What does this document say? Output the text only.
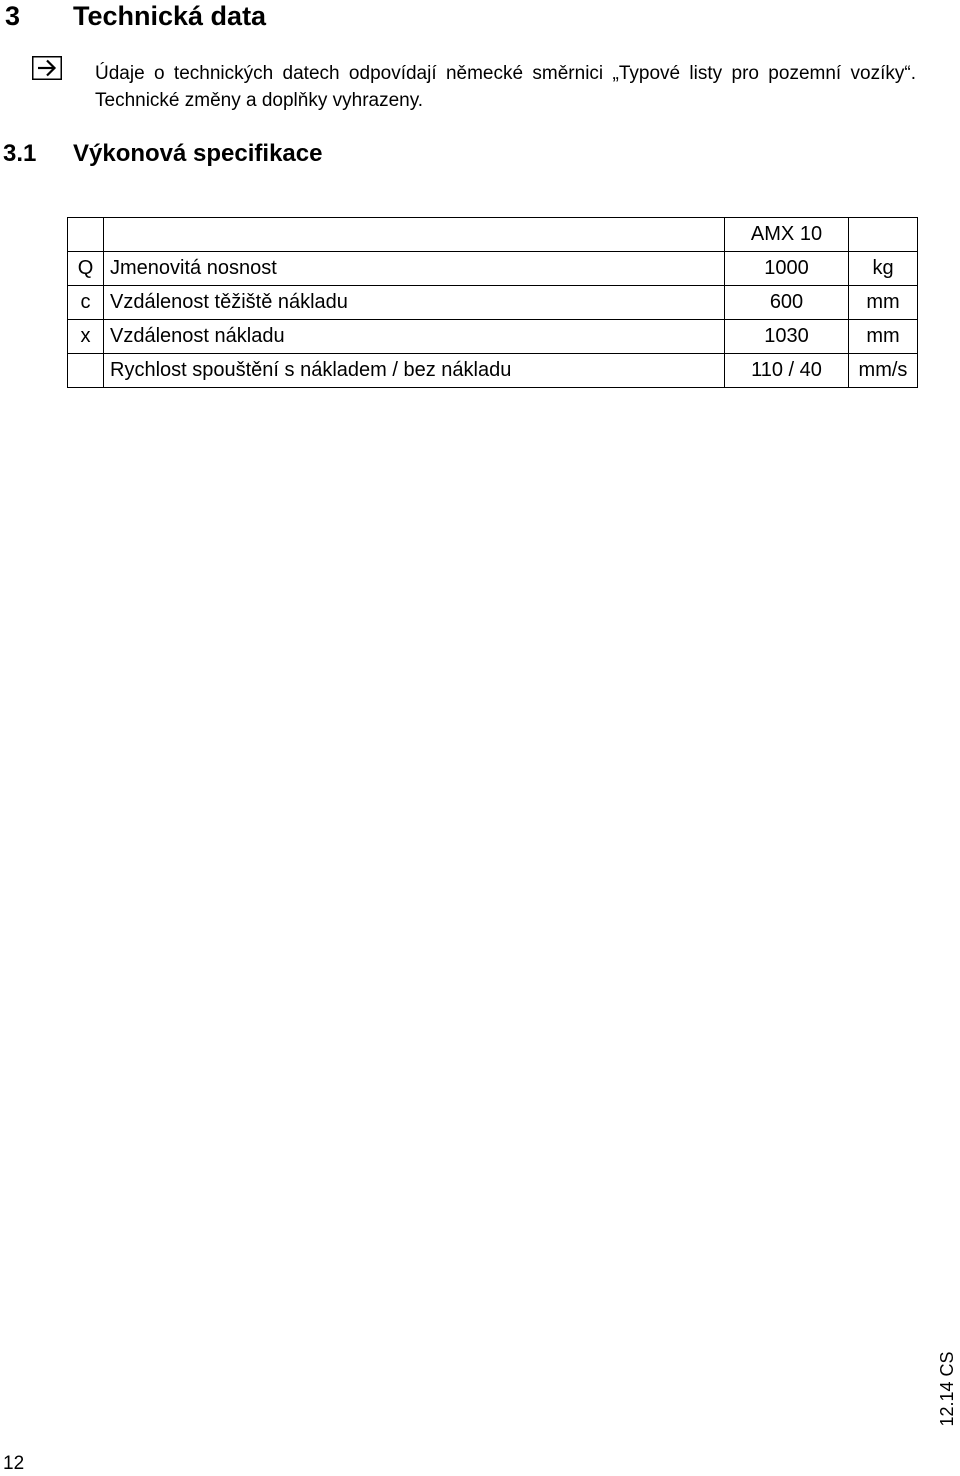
3 Technická data
Údaje o technických datech odpovídají německé směrnici „Typové listy pro pozemní vozíky“. Technické změny a doplňky vyhrazeny.
3.1 Výkonová specifikace
		AMX 10	
Q	Jmenovitá nosnost	1000	kg
c	Vzdálenost těžiště nákladu	600	mm
x	Vzdálenost nákladu	1030	mm
	Rychlost spouštění s nákladem / bez nákladu	110 / 40	mm/s
12.14 CS
12
